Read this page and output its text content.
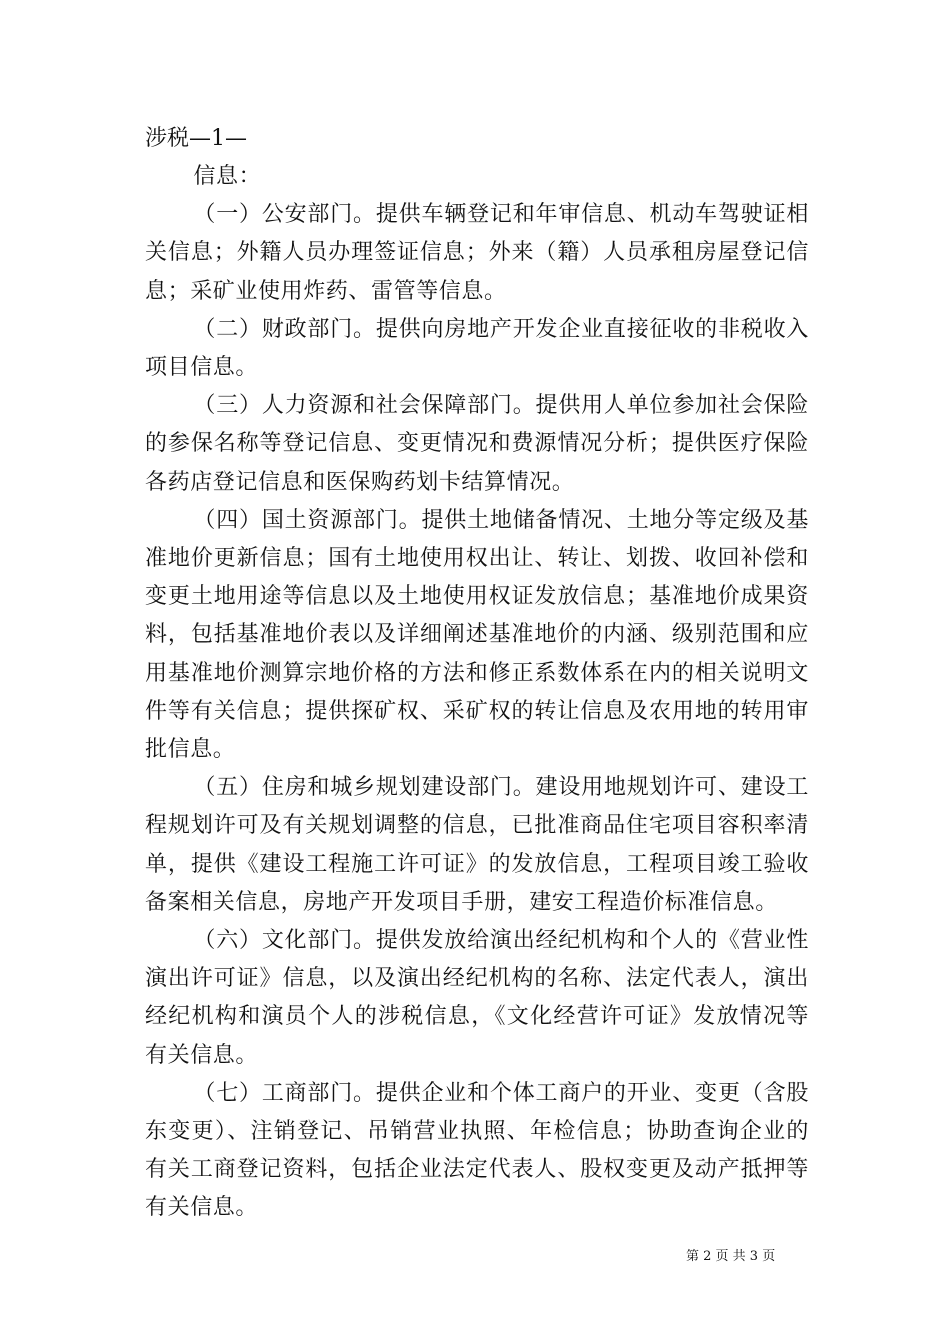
涉税—1—

信息：

（一）公安部门。提供车辆登记和年审信息、机动车驾驶证相关信息；外籍人员办理签证信息；外来（籍）人员承租房屋登记信息；采矿业使用炸药、雷管等信息。

（二）财政部门。提供向房地产开发企业直接征收的非税收入项目信息。

（三）人力资源和社会保障部门。提供用人单位参加社会保险的参保名称等登记信息、变更情况和费源情况分析；提供医疗保险各药店登记信息和医保购药划卡结算情况。

（四）国土资源部门。提供土地储备情况、土地分等定级及基准地价更新信息；国有土地使用权出让、转让、划拨、收回补偿和变更土地用途等信息以及土地使用权证发放信息；基准地价成果资料，包括基准地价表以及详细阐述基准地价的内涵、级别范围和应用基准地价测算宗地价格的方法和修正系数体系在内的相关说明文件等有关信息；提供探矿权、采矿权的转让信息及农用地的转用审批信息。

（五）住房和城乡规划建设部门。建设用地规划许可、建设工程规划许可及有关规划调整的信息，已批准商品住宅项目容积率清单，提供《建设工程施工许可证》的发放信息，工程项目竣工验收备案相关信息，房地产开发项目手册，建安工程造价标准信息。

（六）文化部门。提供发放给演出经纪机构和个人的《营业性演出许可证》信息，以及演出经纪机构的名称、法定代表人，演出经纪机构和演员个人的涉税信息，《文化经营许可证》发放情况等有关信息。

（七）工商部门。提供企业和个体工商户的开业、变更（含股东变更）、注销登记、吊销营业执照、年检信息；协助查询企业的有关工商登记资料，包括企业法定代表人、股权变更及动产抵押等有关信息。

第 2 页 共 3 页
